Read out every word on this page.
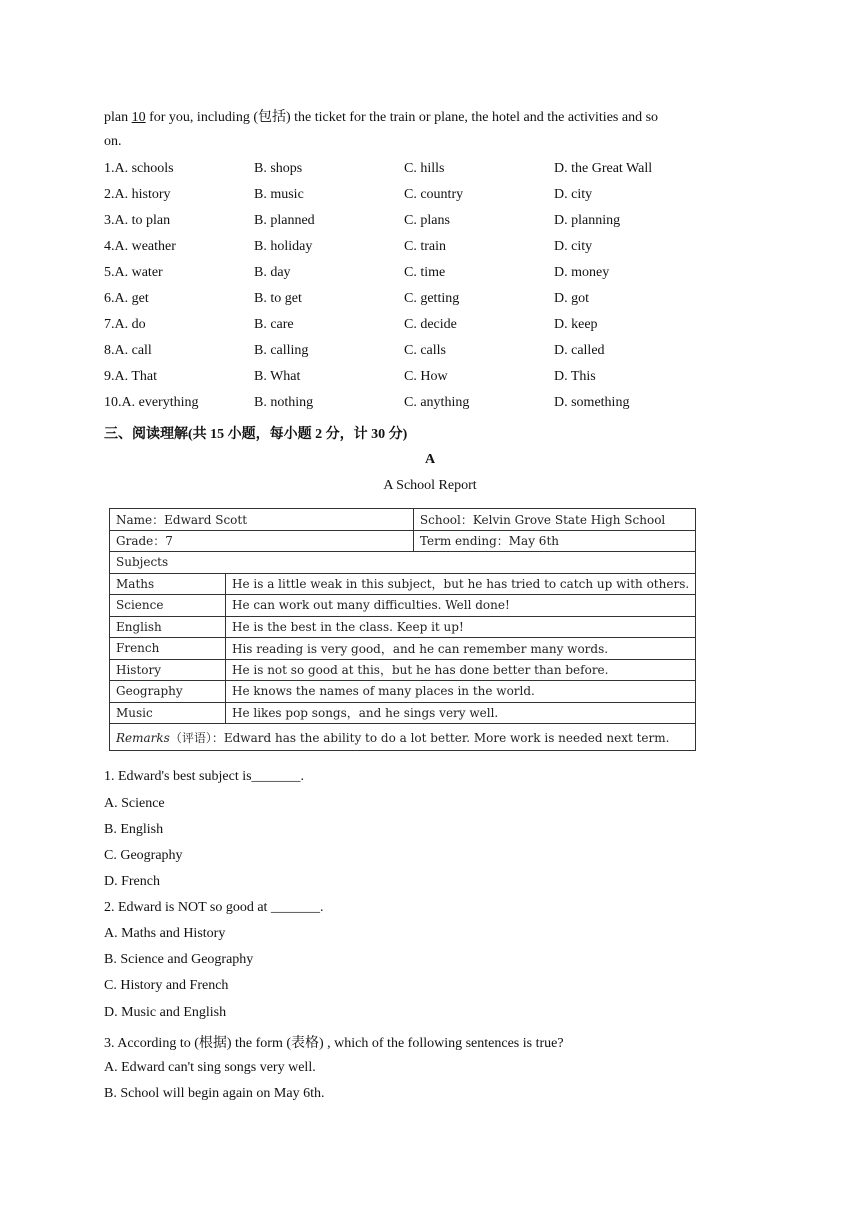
plan 10 for you, including (包括) the ticket for the train or plane, the hotel and the activities and so
on.
1.A. schools	B. shops	C. hills	D. the Great Wall
2.A. history	B. music	C. country	D. city
3.A. to plan	B. planned	C. plans	D. planning
4.A. weather	B. holiday	C. train	D. city
5.A. water	B. day	C. time	D. money
6.A. get	B. to get	C. getting	D. got
7.A. do	B. care	C. decide	D. keep
8.A. call	B. calling	C. calls	D. called
9.A. That	B. What	C. How	D. This
10.A. everything	B. nothing	C. anything	D. something
三、阅读理解(共 15 小题，每小题 2 分，计 30 分)
A
A School Report
Name：Edward Scott		School：Kelvin Grove State High School
Grade：7		Term ending：May 6th
Subjects		
Maths	He is a little weak in this subject，but he has tried to catch up with others.	
Science	He can work out many difficulties. Well done!	
English	He is the best in the class. Keep it up!	
French	His reading is very good，and he can remember many words.	
History	He is not so good at this，but he has done better than before.	
Geography	He knows the names of many places in the world.	
Music	He likes pop songs，and he sings very well.	
Remarks（评语）：Edward has the ability to do a lot better. More work is needed next term.		
1. Edward's best subject is_______.
A. Science
B. English
C. Geography
D. French
2. Edward is NOT so good at _______.
A. Maths and History
B. Science and Geography
C. History and French
D. Music and English
3. According to (根据) the form (表格) , which of the following sentences is true?
A. Edward can't sing songs very well.
B. School will begin again on May 6th.
